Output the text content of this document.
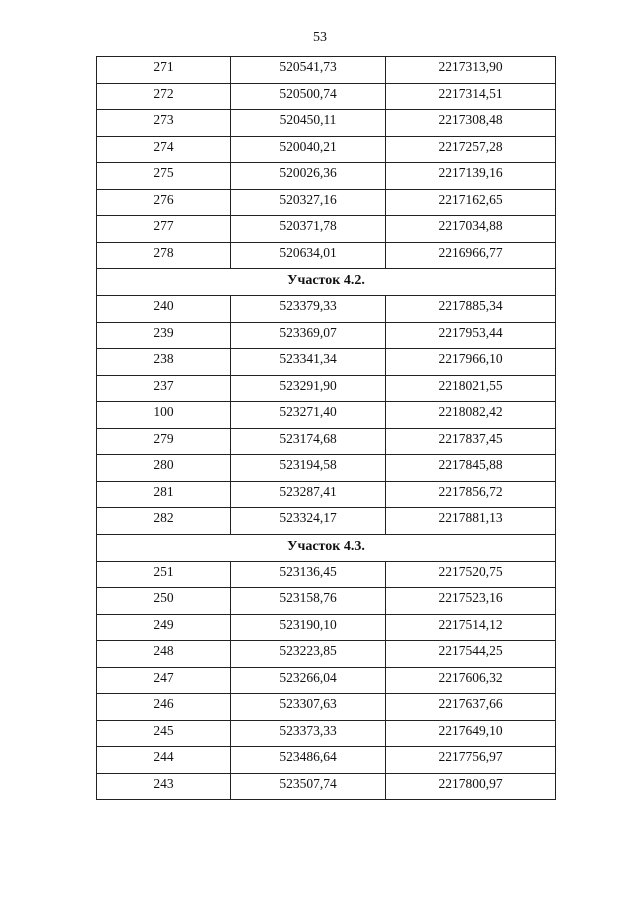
53
271	520541,73	2217313,90
272	520500,74	2217314,51
273	520450,11	2217308,48
274	520040,21	2217257,28
275	520026,36	2217139,16
276	520327,16	2217162,65
277	520371,78	2217034,88
278	520634,01	2216966,77
Участок 4.2.
240	523379,33	2217885,34
239	523369,07	2217953,44
238	523341,34	2217966,10
237	523291,90	2218021,55
100	523271,40	2218082,42
279	523174,68	2217837,45
280	523194,58	2217845,88
281	523287,41	2217856,72
282	523324,17	2217881,13
Участок 4.3.
251	523136,45	2217520,75
250	523158,76	2217523,16
249	523190,10	2217514,12
248	523223,85	2217544,25
247	523266,04	2217606,32
246	523307,63	2217637,66
245	523373,33	2217649,10
244	523486,64	2217756,97
243	523507,74	2217800,97
